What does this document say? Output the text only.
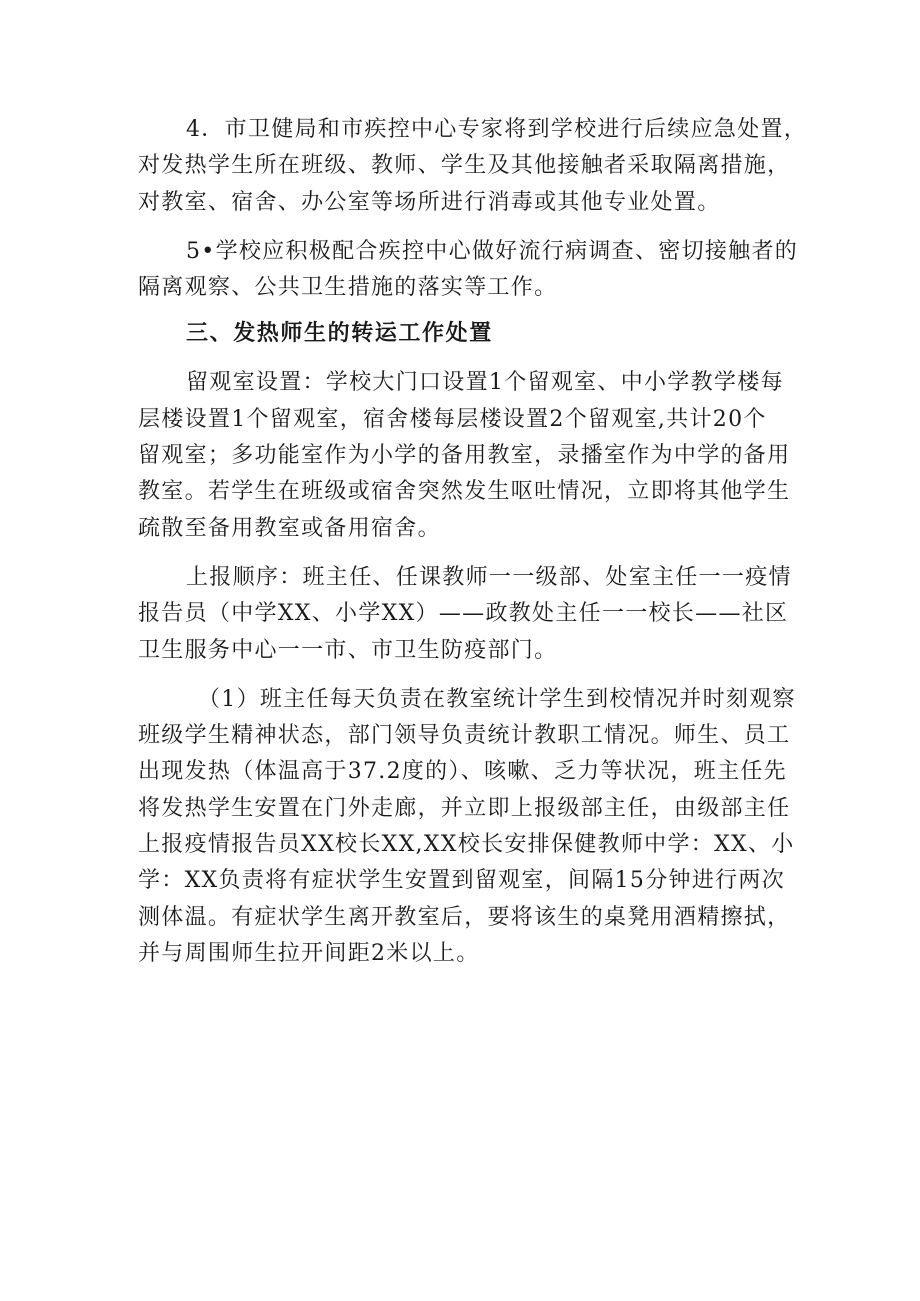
4．市卫健局和市疾控中心专家将到学校进行后续应急处置，
对发热学生所在班级、教师、学生及其他接触者采取隔离措施，
对教室、宿舍、办公室等场所进行消毒或其他专业处置。

5•学校应积极配合疾控中心做好流行病调查、密切接触者的
隔离观察、公共卫生措施的落实等工作。

三、发热师生的转运工作处置

留观室设置：学校大门口设置1个留观室、中小学教学楼每
层楼设置1个留观室，宿舍楼每层楼设置2个留观室,共计20个
留观室；多功能室作为小学的备用教室，录播室作为中学的备用
教室。若学生在班级或宿舍突然发生呕吐情况，立即将其他学生
疏散至备用教室或备用宿舍。

上报顺序：班主任、任课教师一一级部、处室主任一一疫情
报告员（中学XX、小学XX）——政教处主任一一校长——社区
卫生服务中心一一市、市卫生防疫部门。

（1）班主任每天负责在教室统计学生到校情况并时刻观察
班级学生精神状态，部门领导负责统计教职工情况。师生、员工
出现发热（体温高于37.2度的）、咳嗽、乏力等状况，班主任先
将发热学生安置在门外走廊，并立即上报级部主任，由级部主任
上报疫情报告员XX校长XX,XX校长安排保健教师中学：XX、小
学：XX负责将有症状学生安置到留观室，间隔15分钟进行两次
测体温。有症状学生离开教室后，要将该生的桌凳用酒精擦拭，
并与周围师生拉开间距2米以上。
